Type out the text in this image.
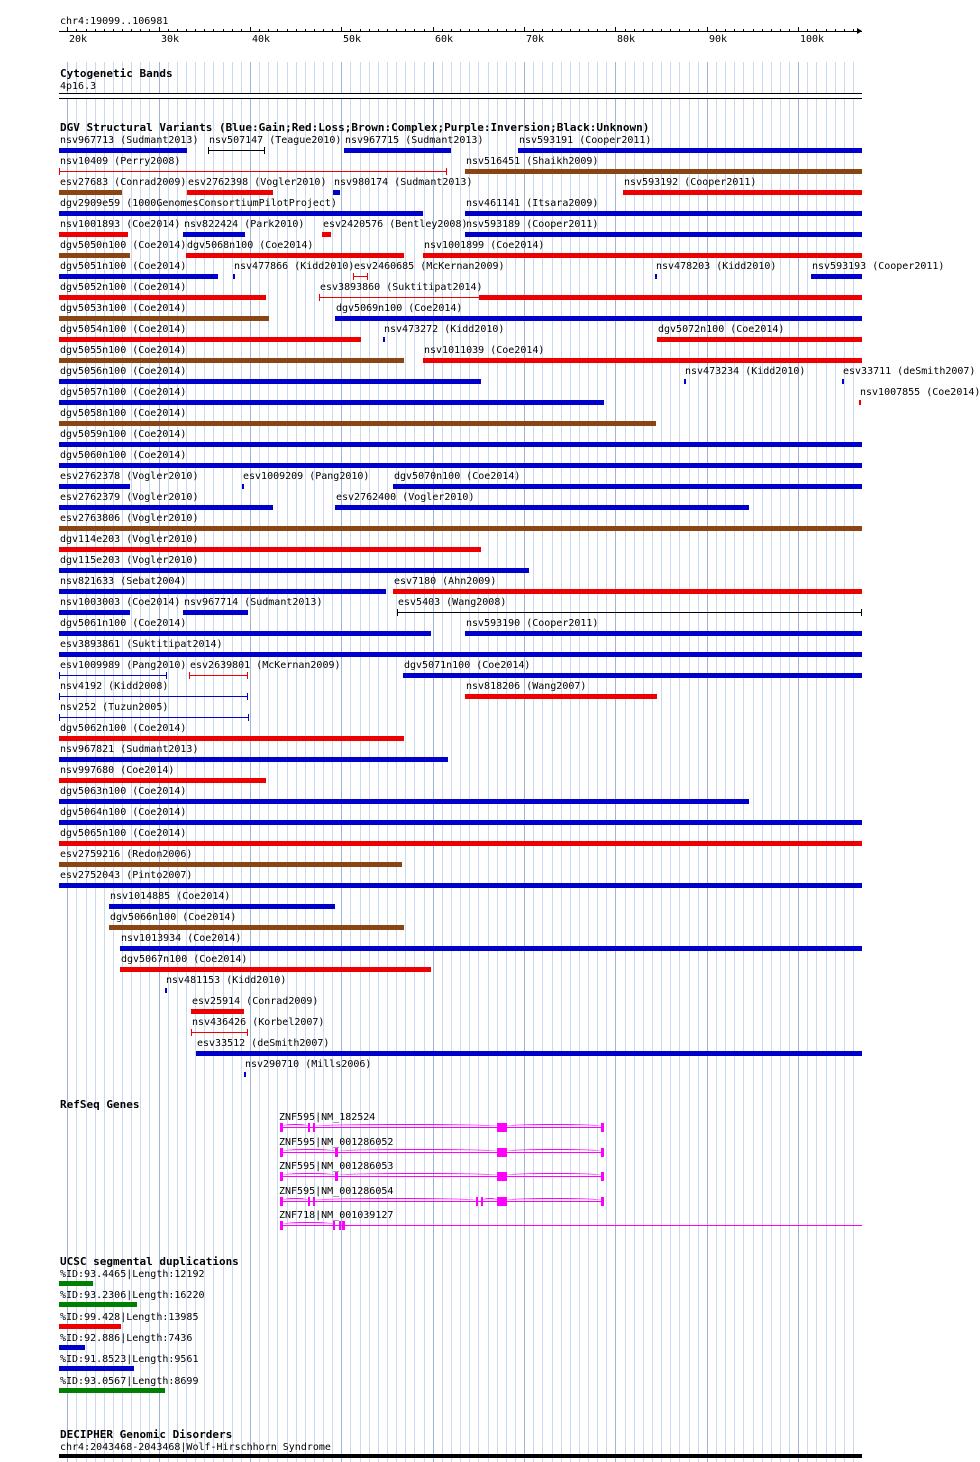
chr4:19099..106981
20k	30k	40k	50k	60k	70k	80k	90k	100k
Cytogenetic Bands
4p16.3
DGV Structural Variants (Blue:Gain;Red:Loss;Brown:Complex;Purple:Inversion;Black:Unknown)
nsv967713 (Sudmant2013) nsv507147 (Teague2010) nsv967715 (Sudmant2013)	nsv593191 (Cooper2011)
nsv10409 (Perry2008)	nsv516451 (Shaikh2009)
esv27683 (Conrad2009) esv2762398 (Vogler2010) nsv980174 (Sudmant2013)	nsv593192 (Cooper2011)
dgv2909e59 (1000GenomesConsortiumPilotProject)	nsv461141 (Itsara2009)
nsv1001893 (Coe2014) nsv822424 (Park2010) esv2420576 (Bentley2008)
nsv593189 (Cooper2011)
dgv5050n100 (Coe2014) dgv5068n100 (Coe2014)	nsv1001899 (Coe2014)
dgv5051n100 (Coe2014)	nsv477866 (Kidd2010) esv2460685 (McKernan2009)	nsv478203 (Kidd2010)	nsv593193 (Cooper2011)
dgv5052n100 (Coe2014)	esv3893860 (Suktitipat2014)
dgv5053n100 (Coe2014)	dgv5069n100 (Coe2014)
dgv5054n100 (Coe2014)	nsv473272 (Kidd2010)	dgv5072n100 (Coe2014)
dgv5055n100 (Coe2014)	nsv1011039 (Coe2014)
dgv5056n100 (Coe2014)	nsv473234 (Kidd2010)	esv33711 (deSmith2007)
dgv5057n100 (Coe2014)	nsv1007855 (Coe2014)
dgv5058n100 (Coe2014)
dgv5059n100 (Coe2014)
dgv5060n100 (Coe2014)
esv2762378 (Vogler2010)	esv1009209 (Pang2010) dgv5070n100 (Coe2014)
esv2762379 (Vogler2010)	esv2762400 (Vogler2010)
esv2763806 (Vogler2010)
dgv114e203 (Vogler2010)
dgv115e203 (Vogler2010)
nsv821633 (Sebat2004)	esv7180 (Ahn2009)
nsv1003003 (Coe2014) nsv967714 (Sudmant2013)	esv5403 (Wang2008)
dgv5061n100 (Coe2014)	nsv593190 (Cooper2011)
esv3893861 (Suktitipat2014)
esv1009989 (Pang2010) esv2639801 (McKernan2009)	dgv5071n100 (Coe2014)
nsv4192 (Kidd2008)	nsv818206 (Wang2007)
nsv252 (Tuzun2005)
dgv5062n100 (Coe2014)
nsv967821 (Sudmant2013)
nsv997680 (Coe2014)
dgv5063n100 (Coe2014)
dgv5064n100 (Coe2014)
dgv5065n100 (Coe2014)
esv2759216 (Redon2006)
esv2752043 (Pinto2007)
nsv1014885 (Coe2014)
dgv5066n100 (Coe2014)
nsv1013934 (Coe2014)
dgv5067n100 (Coe2014)
nsv481153 (Kidd2010)
esv25914 (Conrad2009)
nsv436426 (Korbel2007)
esv33512 (deSmith2007)
nsv290710 (Mills2006)
RefSeq Genes
ZNF595|NM_182524
ZNF595|NM_001286052
ZNF595|NM_001286053
ZNF595|NM_001286054
ZNF718|NM_001039127
UCSC segmental duplications
%ID:93.4465|Length:12192
%ID:93.2306|Length:16220
%ID:99.428|Length:13985
%ID:92.886|Length:7436
%ID:91.8523|Length:9561
%ID:93.0567|Length:8699
DECIPHER Genomic Disorders
chr4:2043468-2043468|Wolf-Hirschhorn Syndrome
